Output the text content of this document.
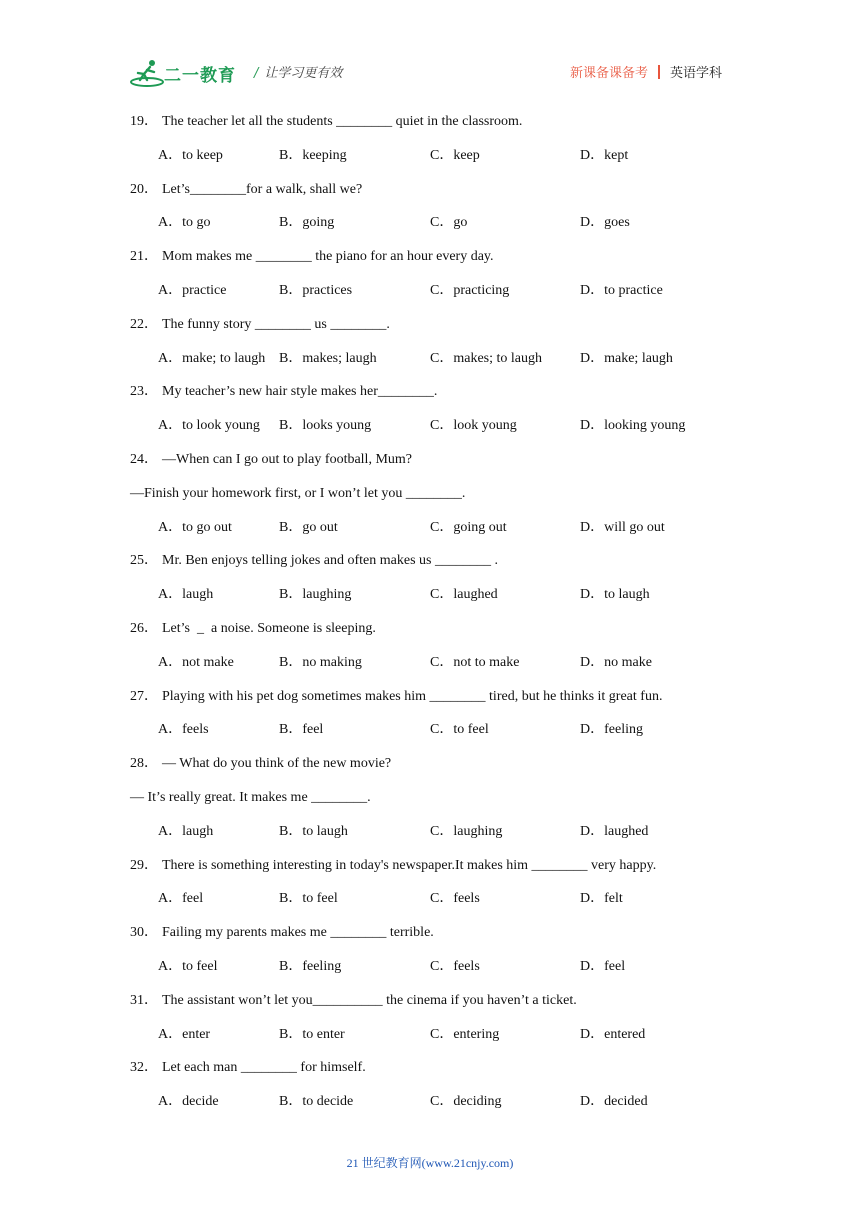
二一教育 / 让学习更有效	新课备课备考 英语学科
19． The teacher let all the students ________ quiet in the classroom.
A．to keep	B．keeping	C．keep	D．kept
20． Let’s________for a walk, shall we?
A．to go	B．going	C．go	D．goes
21． Mom makes me ________ the piano for an hour every day.
A．practice	B．practices	C．practicing	D．to practice
22． The funny story ________ us ________.
A．make; to laugh B．makes; laugh	C．makes; to laugh	D．make; laugh
23． My teacher’s new hair style makes her________.
A．to look young B．looks young	C．look young	D．looking young
24． —When can I go out to play football, Mum?
—Finish your homework first, or I won’t let you ________.
A．to go out	B．go out	C．going out	D．will go out
25． Mr. Ben enjoys telling jokes and often makes us ________ .
A．laugh	B．laughing	C．laughed	D．to laugh
26． Let’s  _  a noise. Someone is sleeping.
A．not make	B．no making	C．not to make	D．no make
27． Playing with his pet dog sometimes makes him ________ tired, but he thinks it great fun.
A．feels	B．feel	C．to feel	D．feeling
28． — What do you think of the new movie?
— It’s really great. It makes me ________.
A．laugh	B．to laugh	C．laughing	D．laughed
29． There is something interesting in today's newspaper.It makes him ________ very happy.
A．feel	B．to feel	C．feels	D．felt
30． Failing my parents makes me ________ terrible.
A．to feel	B．feeling	C．feels	D．feel
31． The assistant won’t let you__________ the cinema if you haven’t a ticket.
A．enter	B．to enter	C．entering	D．entered
32． Let each man ________ for himself.
A．decide	B．to decide	C．deciding	D．decided
21 世纪教育网(www.21cnjy.com)
